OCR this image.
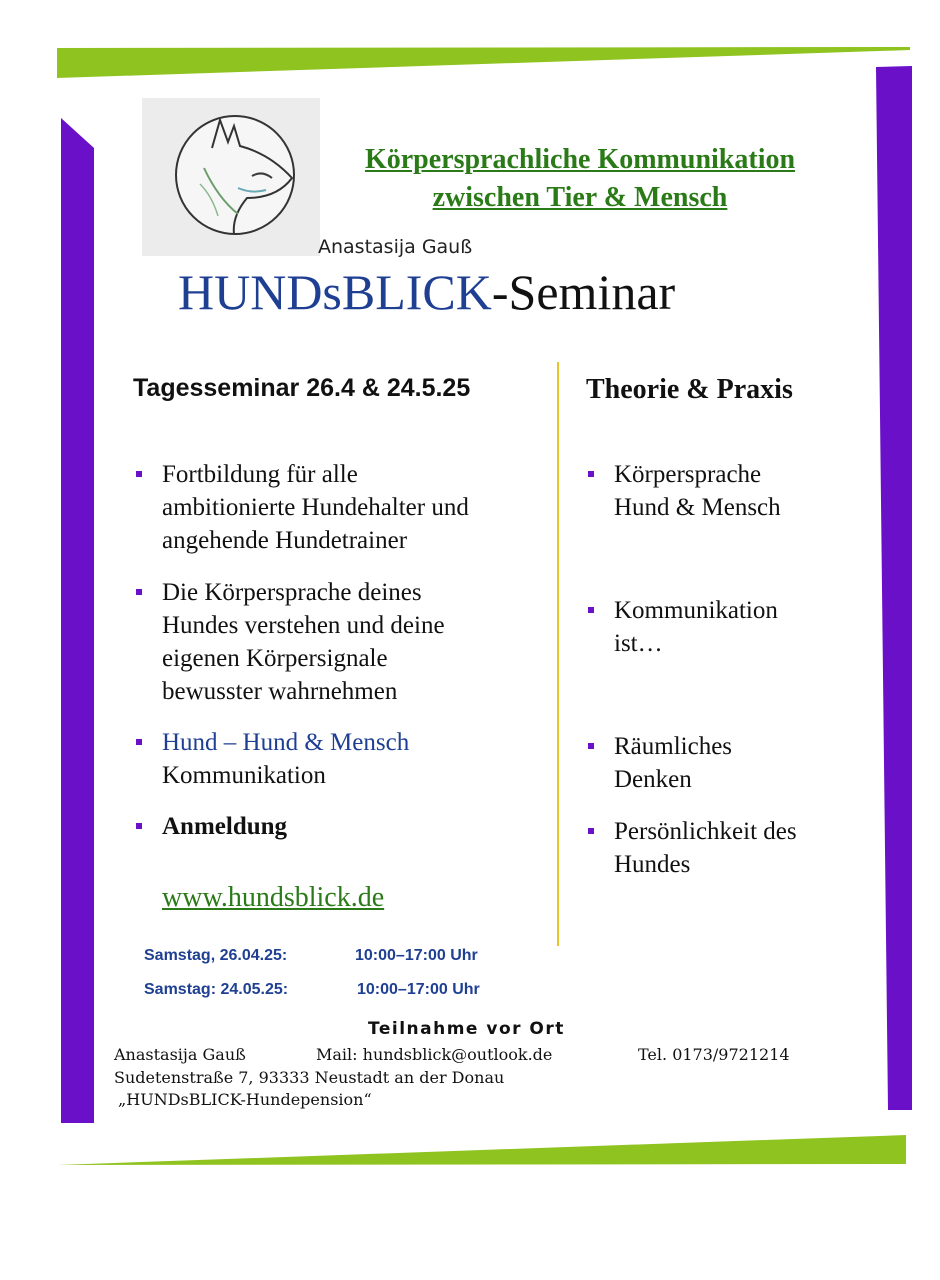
Körpersprachliche Kommunikation
zwischen Tier & Mensch
Anastasija Gauß
HUNDsBLICK-Seminar
Tagesseminar 26.4 & 24.5.25
Fortbildung für alle
ambitionierte Hundehalter und
angehende Hundetrainer
Die Körpersprache deines
Hundes verstehen und deine
eigenen Körpersignale
bewusster wahrnehmen
Hund – Hund & Mensch
Kommunikation
Anmeldung
www.hundsblick.de
Theorie & Praxis
Körpersprache
Hund & Mensch
Kommunikation
ist…
Räumliches
Denken
Persönlichkeit des
Hundes
Samstag, 26.04.25:	10:00–17:00 Uhr
Samstag: 24.05.25:	10:00–17:00 Uhr
Teilnahme vor Ort
Anastasija Gauß	Mail: hundsblick@outlook.de	Tel. 0173/9721214
Sudetenstraße 7, 93333 Neustadt an der Donau
„HUNDsBLICK-Hundepension“
